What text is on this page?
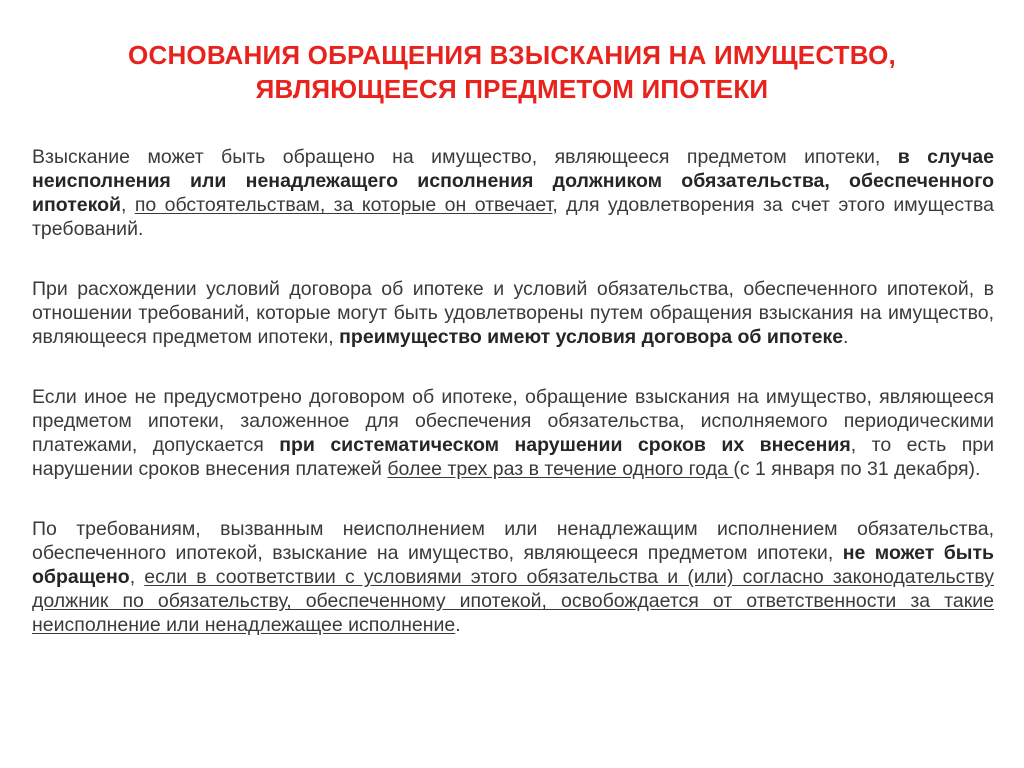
ОСНОВАНИЯ ОБРАЩЕНИЯ ВЗЫСКАНИЯ НА ИМУЩЕСТВО,
ЯВЛЯЮЩЕЕСЯ ПРЕДМЕТОМ ИПОТЕКИ

Взыскание может быть обращено на имущество, являющееся предметом ипотеки, в случае неисполнения или ненадлежащего исполнения должником обязательства, обеспеченного ипотекой, по обстоятельствам, за которые он отвечает, для удовлетворения за счет этого имущества требований.

При расхождении условий договора об ипотеке и условий обязательства, обеспеченного ипотекой, в отношении требований, которые могут быть удовлетворены путем обращения взыскания на имущество, являющееся предметом ипотеки, преимущество имеют условия договора об ипотеке.

Если иное не предусмотрено договором об ипотеке, обращение взыскания на имущество, являющееся предметом ипотеки, заложенное для обеспечения обязательства, исполняемого периодическими платежами, допускается при систематическом нарушении сроков их внесения, то есть при нарушении сроков внесения платежей более трех раз в течение одного года (с 1 января по 31 декабря).

По требованиям, вызванным неисполнением или ненадлежащим исполнением обязательства, обеспеченного ипотекой, взыскание на имущество, являющееся предметом ипотеки, не может быть обращено, если в соответствии с условиями этого обязательства и (или) согласно законодательству должник по обязательству, обеспеченному ипотекой, освобождается от ответственности за такие неисполнение или ненадлежащее исполнение.
